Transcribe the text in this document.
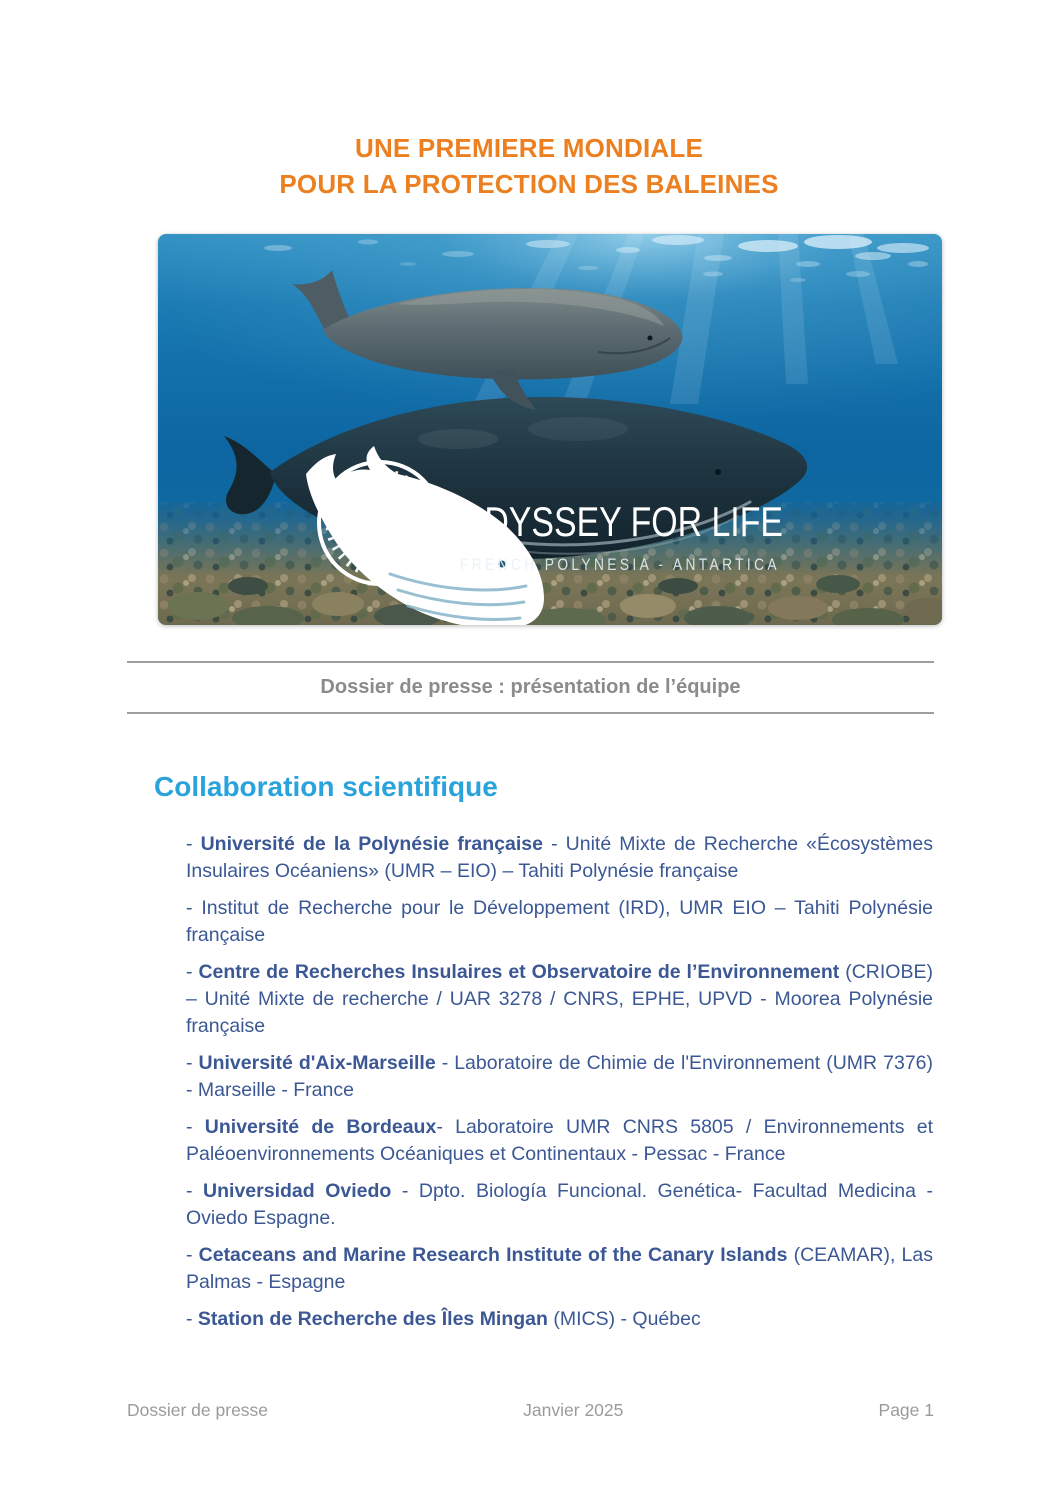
UNE PREMIERE MONDIALE
POUR LA PROTECTION DES BALEINES
ODYSSEY FOR LIFE
FRENCH POLYNESIA - ANTARTICA
Dossier de presse : présentation de l’équipe
Collaboration scientifique

- Université de la Polynésie française - Unité Mixte de Recherche «Écosystèmes Insulaires Océaniens» (UMR – EIO) – Tahiti Polynésie française

- Institut de Recherche pour le Développement (IRD), UMR EIO – Tahiti Polynésie française

- Centre de Recherches Insulaires et Observatoire de l’Environnement (CRIOBE) – Unité Mixte de recherche / UAR 3278 / CNRS, EPHE, UPVD - Moorea Polynésie française

- Université d'Aix-Marseille - Laboratoire de Chimie de l'Environnement (UMR 7376) - Marseille - France

- Université de Bordeaux- Laboratoire UMR CNRS 5805 / Environnements et Paléoenvironnements Océaniques et Continentaux - Pessac - France

- Universidad Oviedo - Dpto. Biología Funcional. Genética- Facultad Medicina - Oviedo Espagne.

- Cetaceans and Marine Research Institute of the Canary Islands (CEAMAR), Las Palmas - Espagne

- Station de Recherche des Îles Mingan (MICS) - Québec

Dossier de presse	Janvier 2025	Page 1
